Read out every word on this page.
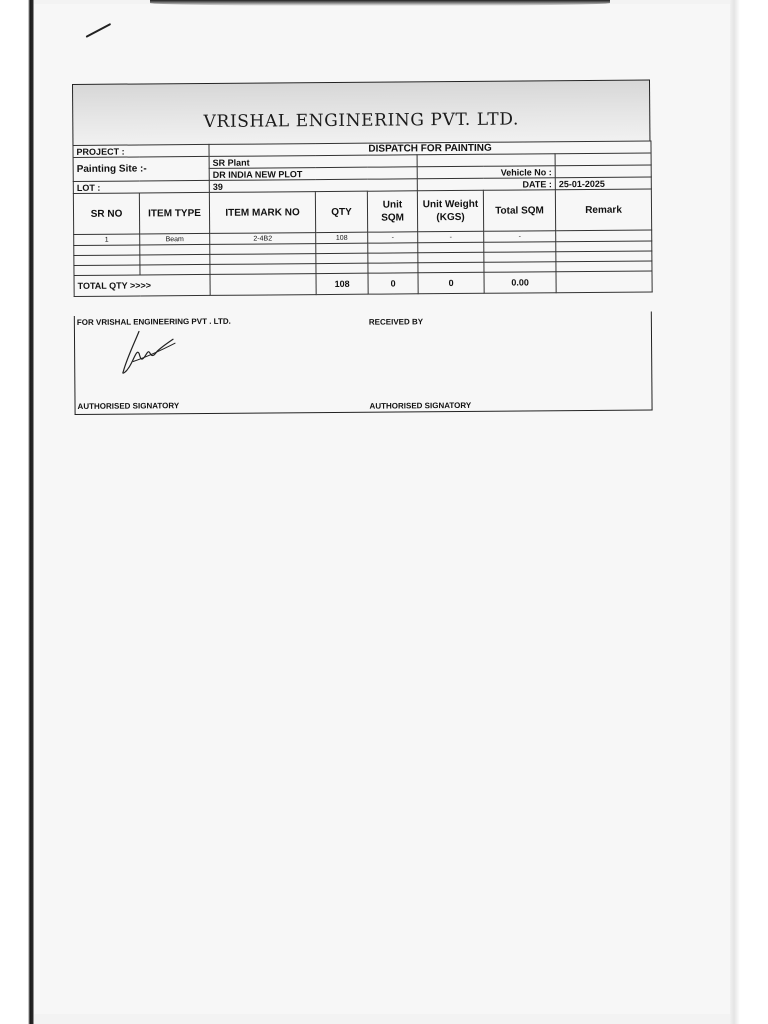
VRISHAL ENGINERING PVT. LTD.
PROJECT :		DISPATCH FOR PAINTING					
Painting Site :-		SR Plant					
		DR INDIA NEW PLOT			Vehicle No :		
LOT :		39			DATE :		25-01-2025
SR NO	ITEM TYPE	ITEM MARK NO	QTY	Unit SQM	Unit Weight (KGS)	Total SQM	Remark
1	Beam	2-4B2	108	-	-	-	

TOTAL QTY >>>>			108	0	0	0.00	
FOR VRISHAL ENGINEERING PVT . LTD.	RECEIVED BY
AUTHORISED SIGNATORY	AUTHORISED SIGNATORY
